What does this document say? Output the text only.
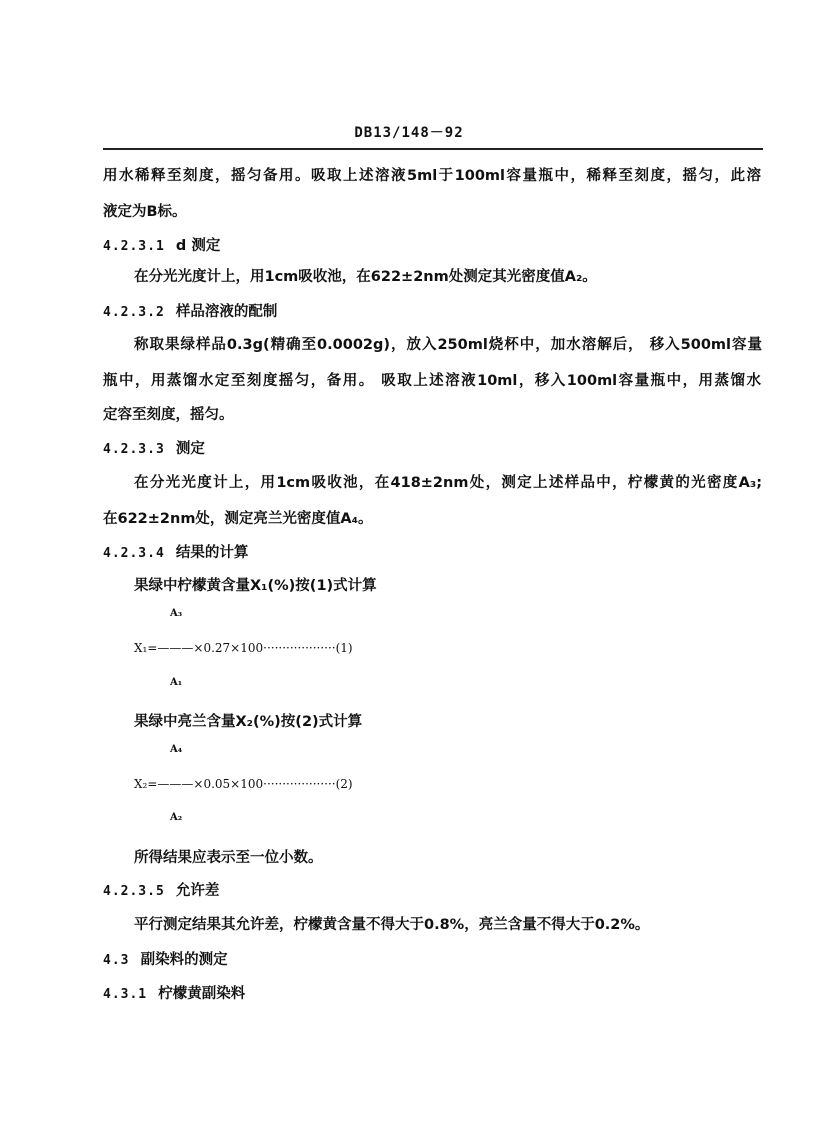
DB13/148－92
用水稀释至刻度，摇匀备用。吸取上述溶液5ml于100ml容量瓶中，稀释至刻度，摇匀，此溶
液定为B标。
4.2.3.1 d 测定
在分光光度计上，用1cm吸收池，在622±2nm处测定其光密度值A₂。
4.2.3.2 样品溶液的配制
称取果绿样品0.3g(精确至0.0002g)，放入250ml烧杯中，加水溶解后， 移入500ml容量
瓶中，用蒸馏水定至刻度摇匀，备用。 吸取上述溶液10ml，移入100ml容量瓶中，用蒸馏水
定容至刻度，摇匀。
4.2.3.3 测定
在分光光度计上，用1cm吸收池，在418±2nm处，测定上述样品中，柠檬黄的光密度A₃;
在622±2nm处，测定亮兰光密度值A₄。
4.2.3.4 结果的计算
果绿中柠檬黄含量X₁(%)按(1)式计算
A₃
X₁=———×0.27×100···················(1)
A₁
果绿中亮兰含量X₂(%)按(2)式计算
A₄
X₂=———×0.05×100···················(2)
A₂
所得结果应表示至一位小数。
4.2.3.5 允许差
平行测定结果其允许差，柠檬黄含量不得大于0.8%，亮兰含量不得大于0.2%。
4.3 副染料的测定
4.3.1 柠檬黄副染料
